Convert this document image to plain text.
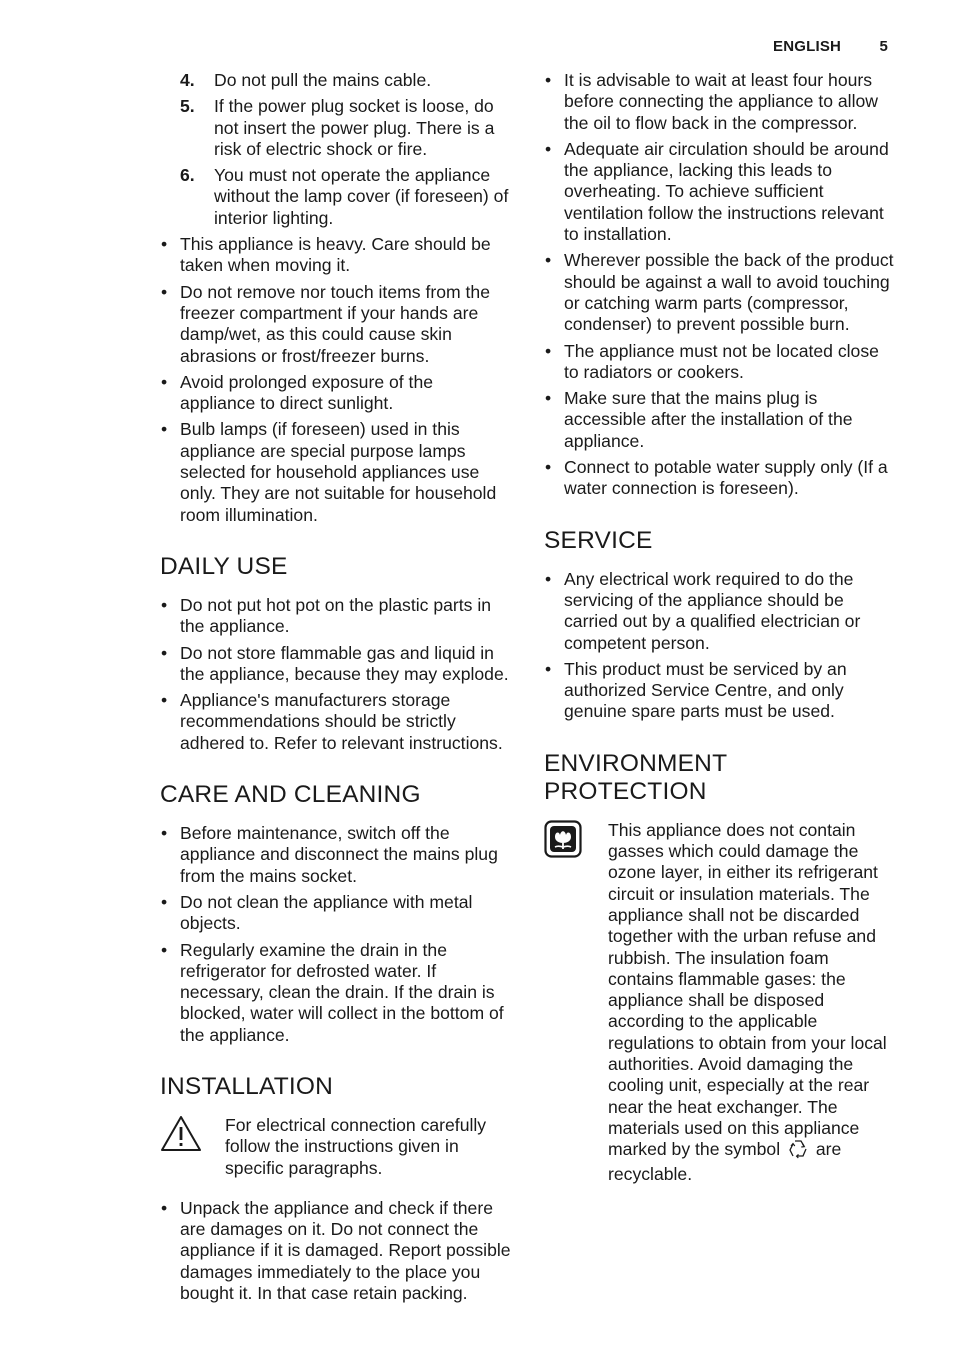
ENGLISH	5
4. Do not pull the mains cable.
5. If the power plug socket is loose, do not insert the power plug. There is a risk of electric shock or fire.
6. You must not operate the appliance without the lamp cover (if foreseen) of interior lighting.
• This appliance is heavy. Care should be taken when moving it.
• Do not remove nor touch items from the freezer compartment if your hands are damp/wet, as this could cause skin abrasions or frost/freezer burns.
• Avoid prolonged exposure of the appliance to direct sunlight.
• Bulb lamps (if foreseen) used in this appliance are special purpose lamps selected for household appliances use only. They are not suitable for household room illumination.
DAILY USE
• Do not put hot pot on the plastic parts in the appliance.
• Do not store flammable gas and liquid in the appliance, because they may explode.
• Appliance's manufacturers storage recommendations should be strictly adhered to. Refer to relevant instructions.
CARE AND CLEANING
• Before maintenance, switch off the appliance and disconnect the mains plug from the mains socket.
• Do not clean the appliance with metal objects.
• Regularly examine the drain in the refrigerator for defrosted water. If necessary, clean the drain. If the drain is blocked, water will collect in the bottom of the appliance.
INSTALLATION

For electrical connection carefully follow the instructions given in specific paragraphs.

• Unpack the appliance and check if there are damages on it. Do not connect the appliance if it is damaged. Report possible damages immediately to the place you bought it. In that case retain packing.
• It is advisable to wait at least four hours before connecting the appliance to allow the oil to flow back in the compressor.
• Adequate air circulation should be around the appliance, lacking this leads to overheating. To achieve sufficient ventilation follow the instructions relevant to installation.
• Wherever possible the back of the product should be against a wall to avoid touching or catching warm parts (compressor, condenser) to prevent possible burn.
• The appliance must not be located close to radiators or cookers.
• Make sure that the mains plug is accessible after the installation of the appliance.
• Connect to potable water supply only (If a water connection is foreseen).
SERVICE
• Any electrical work required to do the servicing of the appliance should be carried out by a qualified electrician or competent person.
• This product must be serviced by an authorized Service Centre, and only genuine spare parts must be used.
ENVIRONMENT PROTECTION

This appliance does not contain gasses which could damage the ozone layer, in either its refrigerant circuit or insulation materials. The appliance shall not be discarded together with the urban refuse and rubbish. The insulation foam contains flammable gases: the appliance shall be disposed according to the applicable regulations to obtain from your local authorities. Avoid damaging the cooling unit, especially at the rear near the heat exchanger. The materials used on this appliance marked by the symbol are recyclable.
